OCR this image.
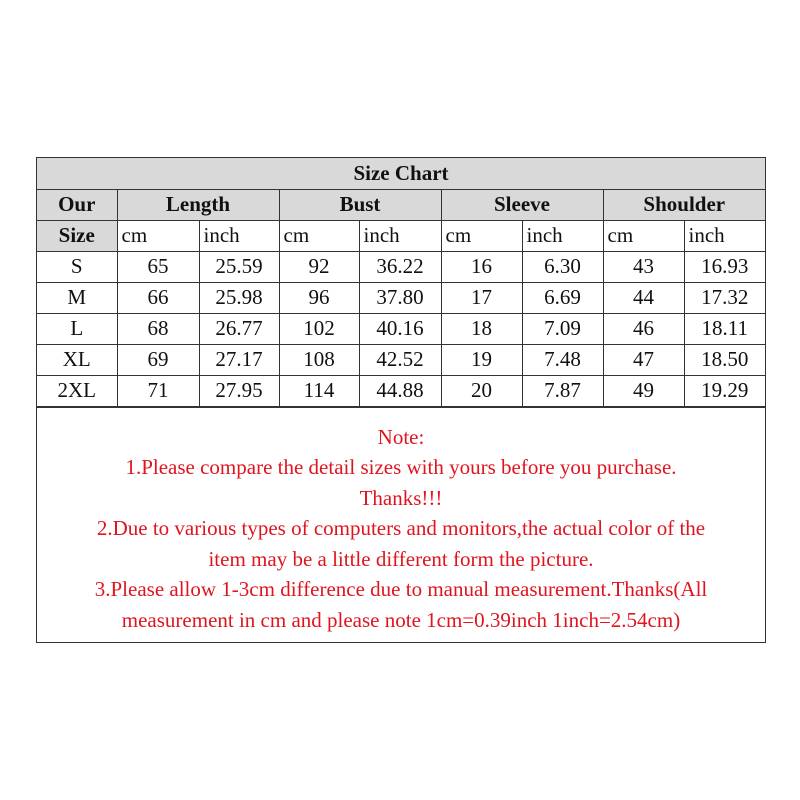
Size Chart								
Our	Length		Bust		Sleeve		Shoulder	
Size	cm	inch	cm	inch	cm	inch	cm	inch
S	65	25.59	92	36.22	16	6.30	43	16.93
M	66	25.98	96	37.80	17	6.69	44	17.32
L	68	26.77	102	40.16	18	7.09	46	18.11
XL	69	27.17	108	42.52	19	7.48	47	18.50
2XL	71	27.95	114	44.88	20	7.87	49	19.29

Note:

1.Please compare the detail sizes with yours before you purchase.

Thanks!!!

2.Due to various types of computers and monitors,the actual color of the

item may be a little different form the picture.

3.Please allow 1-3cm difference due to manual measurement.Thanks(All

measurement in cm and please note 1cm=0.39inch 1inch=2.54cm)
